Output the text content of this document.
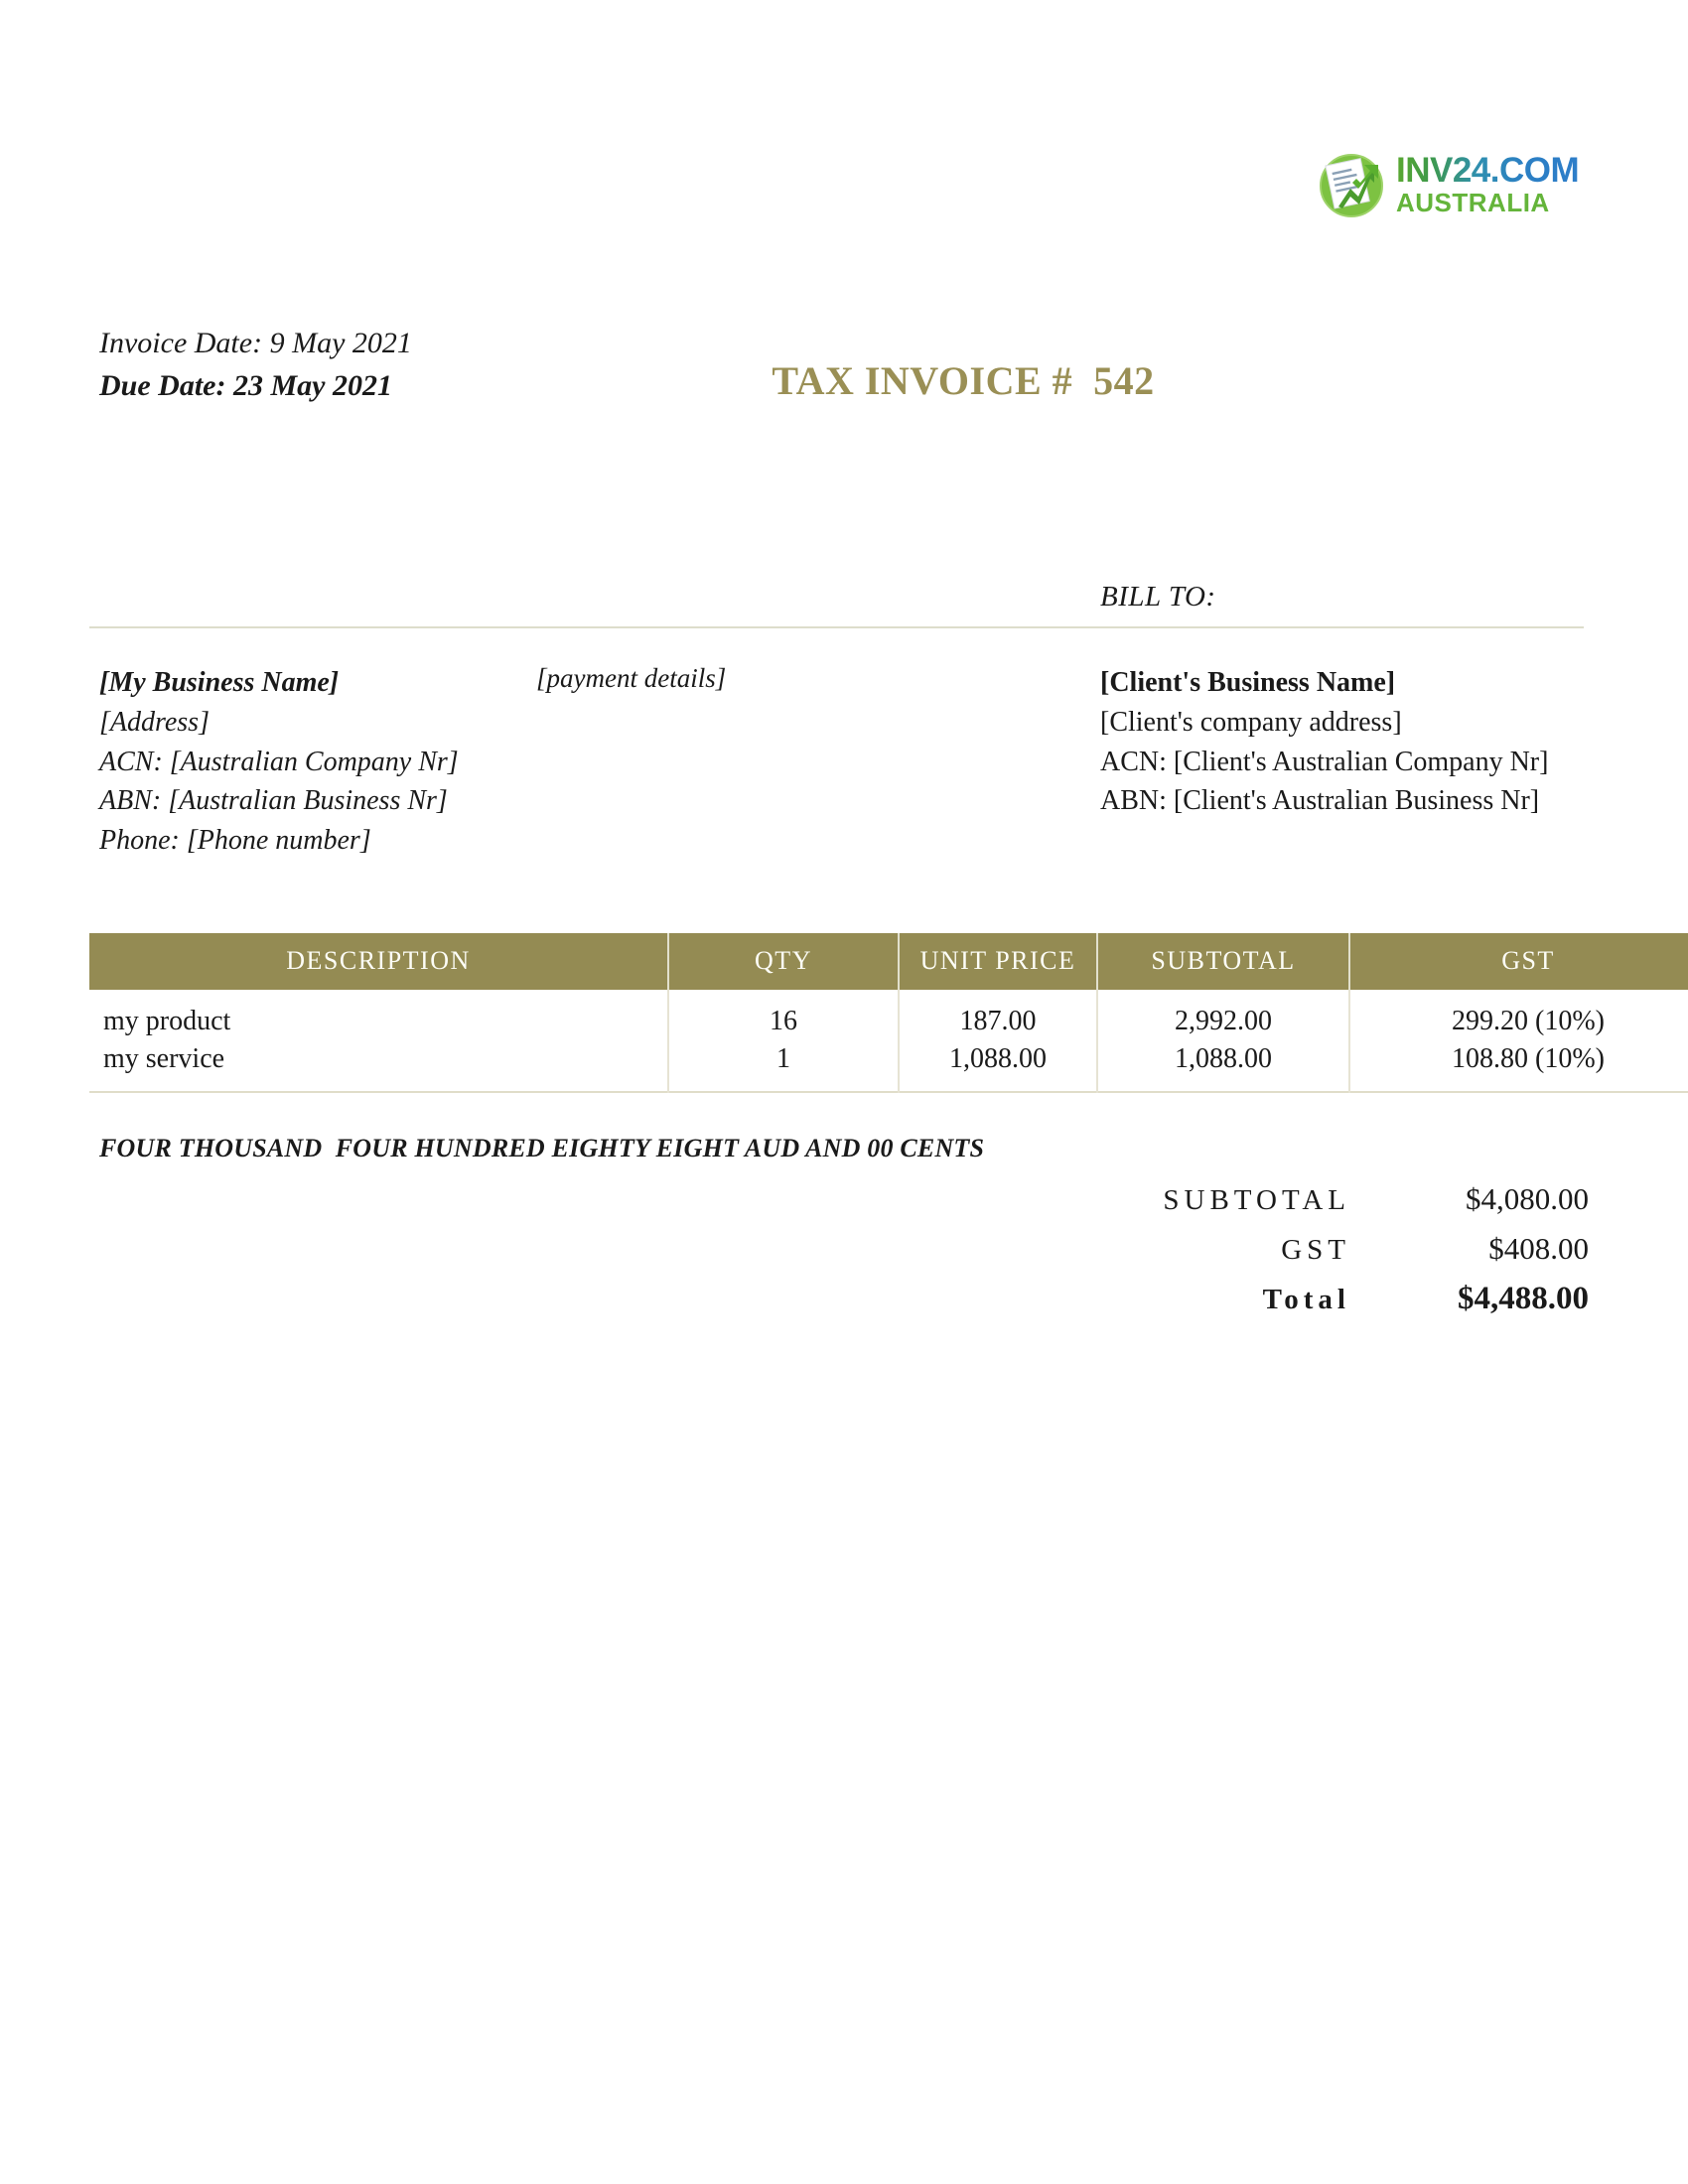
INV24.COM
AUSTRALIA
Invoice Date: 9 May 2021
Due Date: 23 May 2021	TAX INVOICE #  542
BILL TO:
[My Business Name]
[Address]
ACN: [Australian Company Nr]
ABN: [Australian Business Nr]
Phone: [Phone number]
[payment details]	[Client's Business Name]
[Client's company address]
ACN: [Client's Australian Company Nr]
ABN: [Client's Australian Business Nr]
DESCRIPTION	QTY	UNIT PRICE	SUBTOTAL	GST
my product	16	187.00	2,992.00	299.20 (10%)
my service	1	1,088.00	1,088.00	108.80 (10%)
FOUR THOUSAND  FOUR HUNDRED EIGHTY EIGHT AUD AND 00 CENTS
SUBTOTAL	$4,080.00
GST	$408.00
Total	$4,488.00
